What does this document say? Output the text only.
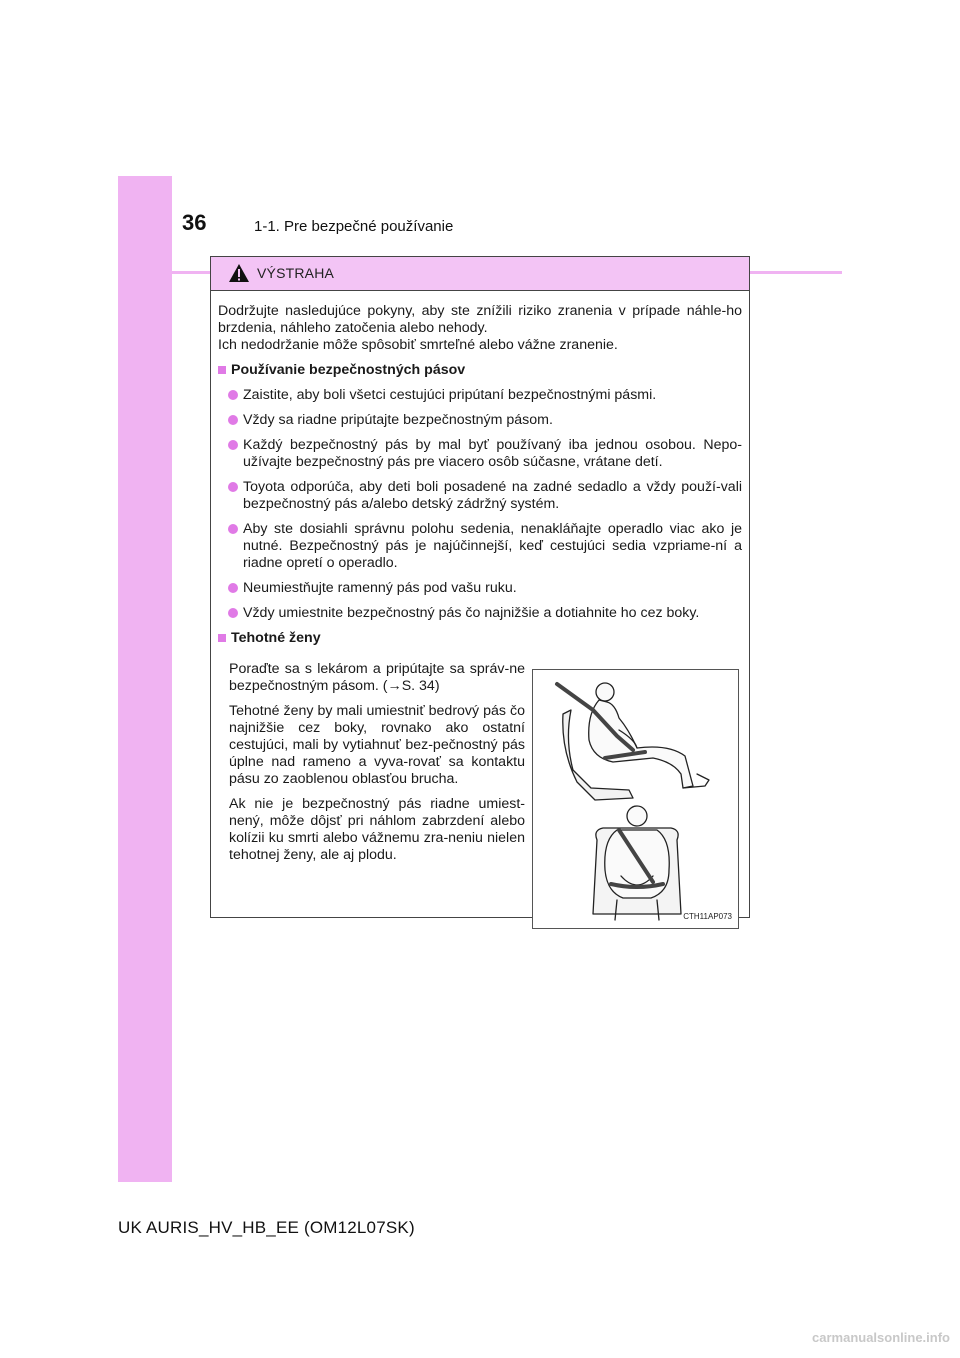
36	1-1. Pre bezpečné používanie
VÝSTRAHA

Dodržujte nasledujúce pokyny, aby ste znížili riziko zranenia v prípade náhle-ho brzdenia, náhleho zatočenia alebo nehody.

Ich nedodržanie môže spôsobiť smrteľné alebo vážne zranenie.

Používanie bezpečnostných pásov
Zaistite, aby boli všetci cestujúci pripútaní bezpečnostnými pásmi.
Vždy sa riadne pripútajte bezpečnostným pásom.
Každý bezpečnostný pás by mal byť používaný iba jednou osobou. Nepo-užívajte bezpečnostný pás pre viacero osôb súčasne, vrátane detí.
Toyota odporúča, aby deti boli posadené na zadné sedadlo a vždy použí-vali bezpečnostný pás a/alebo detský zádržný systém.
Aby ste dosiahli správnu polohu sedenia, nenakláňajte operadlo viac ako je nutné. Bezpečnostný pás je najúčinnejší, keď cestujúci sedia vzpriame-ní a riadne opretí o operadlo.
Neumiestňujte ramenný pás pod vašu ruku.
Vždy umiestnite bezpečnostný pás čo najnižšie a dotiahnite ho cez boky.
Tehotné ženy

Poraďte sa s lekárom a pripútajte sa správ-ne bezpečnostným pásom. (→S. 34)

Tehotné ženy by mali umiestniť bedrový pás čo najnižšie cez boky, rovnako ako ostatní cestujúci, mali by vytiahnuť bez-pečnostný pás úplne nad rameno a vyva-rovať sa kontaktu pásu zo zaoblenou oblasťou brucha.

Ak nie je bezpečnostný pás riadne umiest-nený, môže dôjsť pri náhlom zabrzdení alebo kolízii ku smrti alebo vážnemu zra-neniu nielen tehotnej ženy, ale aj plodu.

CTH11AP073
UK AURIS_HV_HB_EE (OM12L07SK)
carmanualsonline.info
